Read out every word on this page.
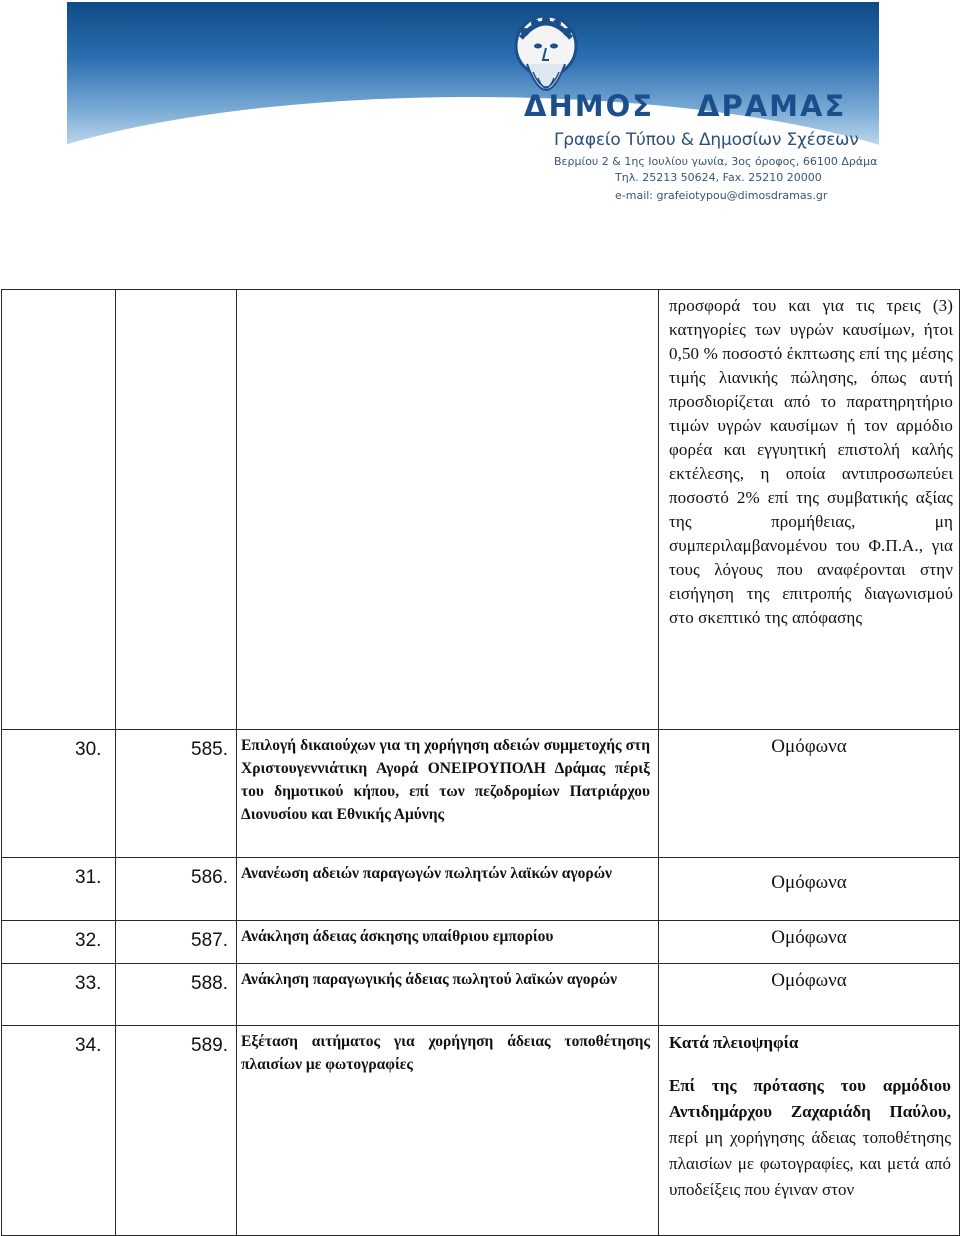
ΔΗΜΟΣ ΔΡΑΜΑΣ
Γραφείο Τύπου & Δημοσίων Σχέσεων
Βερμίου 2 & 1ης Ιουλίου γωνία, 3ος όροφος, 66100 Δράμα
Τηλ. 25213 50624, Fax. 25210 20000
e-mail: grafeiotypou@dimosdramas.gr
			προσφορά του και για τις τρεις (3) κατηγορίες των υγρών καυσίμων, ήτοι 0,50 % ποσοστό έκπτωσης επί της μέσης τιμής λιανικής πώλησης, όπως αυτή προσδιορίζεται από το παρατηρητήριο τιμών υγρών καυσίμων ή τον αρμόδιο φορέα και εγγυητική επιστολή καλής εκτέλεσης, η οποία αντιπροσωπεύει ποσοστό 2% επί της συμβατικής αξίας της προμήθειας, μη συμπεριλαμβανομένου του Φ.Π.Α., για τους λόγους που αναφέρονται στην εισήγηση της επιτροπής διαγωνισμού στο σκεπτικό της απόφασης
30.	585.	Επιλογή δικαιούχων για τη χορήγηση αδειών συμμετοχής στη Χριστουγεννιάτικη Αγορά ΟΝΕΙΡΟΥΠΟΛΗ Δράμας πέριξ του δημοτικού κήπου, επί των πεζοδρομίων Πατριάρχου Διονυσίου και Εθνικής Αμύνης	Ομόφωνα
31.	586.	Ανανέωση αδειών παραγωγών πωλητών λαϊκών αγορών	Ομόφωνα
32.	587.	Ανάκληση άδειας άσκησης υπαίθριου εμπορίου	Ομόφωνα
33.	588.	Ανάκληση παραγωγικής άδειας πωλητού λαϊκών αγορών	Ομόφωνα
34.	589.	Εξέταση αιτήματος για χορήγηση άδειας τοποθέτησης πλαισίων με φωτογραφίες	Κατά πλειοψηφία
Επί της πρότασης του αρμόδιου Αντιδημάρχου Ζαχαριάδη Παύλου, περί μη χορήγησης άδειας τοποθέτησης πλαισίων με φωτογραφίες, και μετά από υποδείξεις που έγιναν στον
